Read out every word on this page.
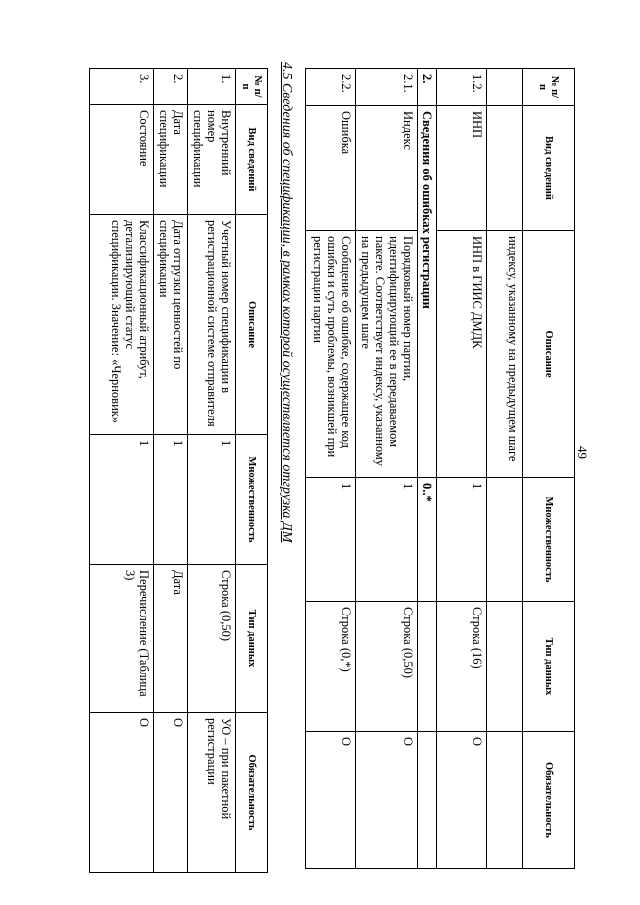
49
№ п/п	Вид сведений	Описание	Множественность	Тип данных	Обязательность
		индексу, указанному на предыдущем шаге			
1.2.	ИНП	ИНП в ГИИС ДМДК	1	Строка (16)	О
2.	Сведения об ошибках регистрации		0..*		
2.1.	Индекс	Порядковый номер партии, идентифицирующий ее в передаваемом пакете. Соответствует индексу, указанному на предыдущем шаге	1	Строка (0,50)	О
2.2.	Ошибка	Сообщение об ошибке, содержащее код ошибки и суть проблемы, возникшей при регистрации партии	1	Строка (0,*)	О
4.5 Сведения об спецификации, в рамках которой осуществляется отгрузка ДМ
№ п/п	Вид сведений	Описание	Множественность	Тип данных	Обязательность
1.	Внутренний номер спецификации	Учетный номер спецификации в регистрационной системе отправителя	1	Строка (0,50)	УО – при пакетной регистрации
2.	Дата спецификации	Дата отгрузки ценностей по спецификации	1	Дата	О
3.	Состояние	Классификационный атрибут, детализирующий статус спецификации. Значение: «Черновик»	1	Перечисление (Таблица 3)	О
